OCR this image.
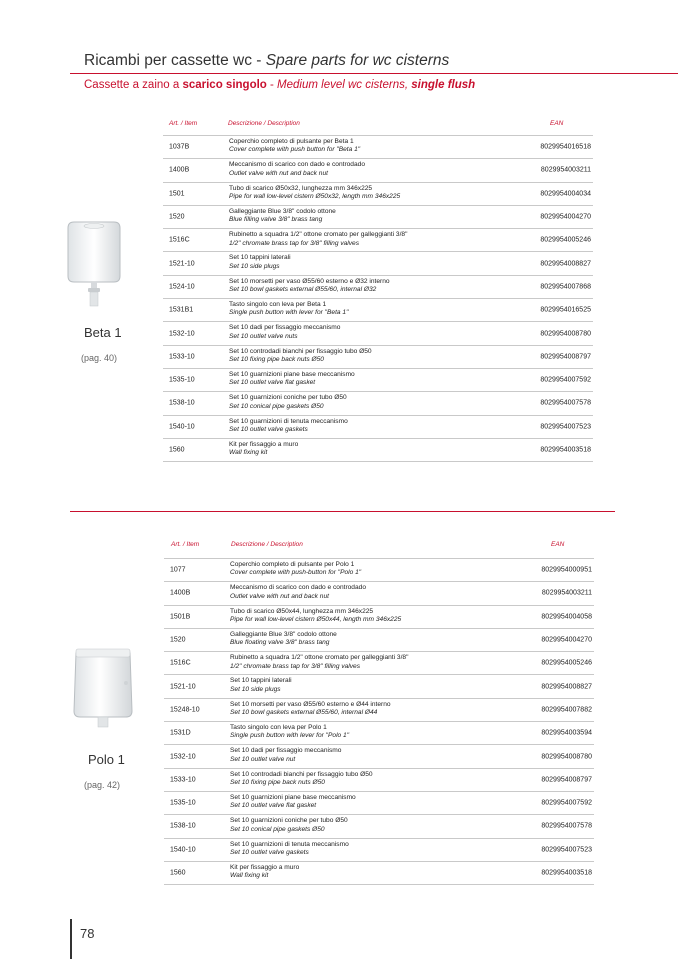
Ricambi per cassette wc - Spare parts for wc cisterns
Cassette a zaino a scarico singolo - Medium level wc cisterns, single flush
Art. / Item	Descrizione / Description	EAN
1037B
Coperchio completo di pulsante per Beta 1
Cover complete with push button for "Beta 1"	8029954016518
1400B
Meccanismo di scarico con dado e controdado
Outlet valve with nut and back nut	8029954003211
1501
Tubo di scarico Ø50x32, lunghezza mm 346x225
Pipe for wall low-level cistern Ø50x32, length mm 346x225	8029954004034
1520
Galleggiante Blue 3/8" codolo ottone
Blue filling valve 3/8" brass tang	8029954004270
1516C
Rubinetto a squadra 1/2" ottone cromato per galleggianti 3/8"
1/2" chromate brass tap for 3/8" filling valves	8029954005246
1521-10
Set 10 tappini laterali
Set 10 side plugs	8029954008827
1524-10
Set 10 morsetti per vaso Ø55/60 esterno e Ø32 interno
Set 10 bowl gaskets external Ø55/60, internal Ø32	8029954007868
1531B1
Tasto singolo con leva per Beta 1
Single push button with lever for "Beta 1"	8029954016525
1532-10
Set 10 dadi per fissaggio meccanismo
Set 10 outlet valve nuts	8029954008780
1533-10
Set 10 controdadi bianchi per fissaggio tubo Ø50
Set 10 fixing pipe back nuts Ø50	8029954008797
1535-10
Set 10 guarnizioni piane base meccanismo
Set 10 outlet valve flat gasket	8029954007592
1538-10
Set 10 guarnizioni coniche per tubo Ø50
Set 10 conical pipe gaskets Ø50	8029954007578
1540-10
Set 10 guarnizioni di tenuta meccanismo
Set 10 outlet valve gaskets	8029954007523
1560
Kit per fissaggio a muro
Wall fixing kit	8029954003518
Beta 1
(pag. 40)
Art. / Item	Descrizione / Description	EAN
1077
Coperchio completo di pulsante per Polo 1
Cover complete with push-button for "Polo 1"	8029954000951
1400B
Meccanismo di scarico con dado e controdado
Outlet valve with nut and back nut	8029954003211
1501B
Tubo di scarico Ø50x44, lunghezza mm 346x225
Pipe for wall low-level cistern Ø50x44, length mm 346x225	8029954004058
1520
Galleggiante Blue 3/8" codolo ottone
Blue floating valve 3/8" brass tang	8029954004270
1516C
Rubinetto a squadra 1/2" ottone cromato per galleggianti 3/8"
1/2" chromate brass tap for 3/8" filling valves	8029954005246
1521-10
Set 10 tappini laterali
Set 10 side plugs	8029954008827
15248-10
Set 10 morsetti per vaso Ø55/60 esterno e Ø44 interno
Set 10 bowl gaskets external Ø55/60, internal Ø44	8029954007882
1531D
Tasto singolo con leva per Polo 1
Single push button with lever for "Polo 1"	8029954003594
1532-10
Set 10 dadi per fissaggio meccanismo
Set 10 outlet valve nut	8029954008780
1533-10
Set 10 controdadi bianchi per fissaggio tubo Ø50
Set 10 fixing pipe back nuts Ø50	8029954008797
1535-10
Set 10 guarnizioni piane base meccanismo
Set 10 outlet valve flat gasket	8029954007592
1538-10
Set 10 guarnizioni coniche per tubo Ø50
Set 10 conical pipe gaskets Ø50	8029954007578
1540-10
Set 10 guarnizioni di tenuta meccanismo
Set 10 outlet valve gaskets	8029954007523
1560
Kit per fissaggio a muro
Wall fixing kit	8029954003518
Polo 1
(pag. 42)
78
